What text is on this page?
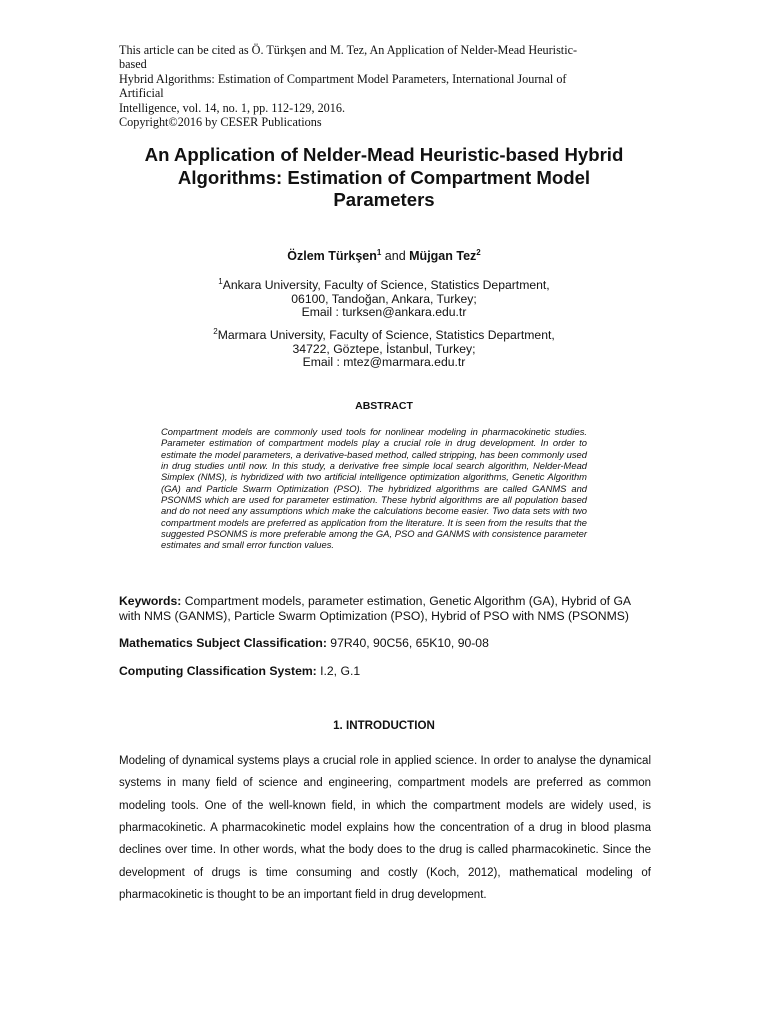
This article can be cited as Ö. Türkşen and M. Tez, An Application of Nelder-Mead Heuristic-based
Hybrid Algorithms: Estimation of Compartment Model Parameters, International Journal of Artificial
Intelligence, vol. 14, no. 1, pp. 112-129, 2016.
Copyright©2016 by CESER Publications
An Application of Nelder-Mead Heuristic-based Hybrid
Algorithms: Estimation of Compartment Model
Parameters
Özlem Türkşen$^1$ and Müjgan Tez$^2$
$^1$Ankara University, Faculty of Science, Statistics Department,
06100, Tandoğan, Ankara, Turkey;
Email : turksen@ankara.edu.tr
$^2$Marmara University, Faculty of Science, Statistics Department,
34722, Göztepe, İstanbul, Turkey;
Email : mtez@marmara.edu.tr
ABSTRACT

Compartment models are commonly used tools for nonlinear modeling in pharmacokinetic studies. Parameter estimation of compartment models play a crucial role in drug development. In order to estimate the model parameters, a derivative-based method, called stripping, has been commonly used in drug studies until now. In this study, a derivative free simple local search algorithm, Nelder-Mead Simplex (NMS), is hybridized with two artificial intelligence optimization algorithms, Genetic Algorithm (GA) and Particle Swarm Optimization (PSO). The hybridized algorithms are called GANMS and PSONMS which are used for parameter estimation. These hybrid algorithms are all population based and do not need any assumptions which make the calculations become easier. Two data sets with two compartment models are preferred as application from the literature. It is seen from the results that the suggested PSONMS is more preferable among the GA, PSO and GANMS with consistence parameter estimates and small error function values.

Keywords: Compartment models, parameter estimation, Genetic Algorithm (GA), Hybrid of GA with NMS (GANMS), Particle Swarm Optimization (PSO), Hybrid of PSO with NMS (PSONMS)
Mathematics Subject Classification: 97R40, 90C56, 65K10, 90-08
Computing Classification System: I.2, G.1
1. INTRODUCTION

Modeling of dynamical systems plays a crucial role in applied science. In order to analyse the dynamical systems in many field of science and engineering, compartment models are preferred as common modeling tools. One of the well-known field, in which the compartment models are widely used, is pharmacokinetic. A pharmacokinetic model explains how the concentration of a drug in blood plasma declines over time. In other words, what the body does to the drug is called pharmacokinetic. Since the development of drugs is time consuming and costly (Koch, 2012), mathematical modeling of pharmacokinetic is thought to be an important field in drug development.
